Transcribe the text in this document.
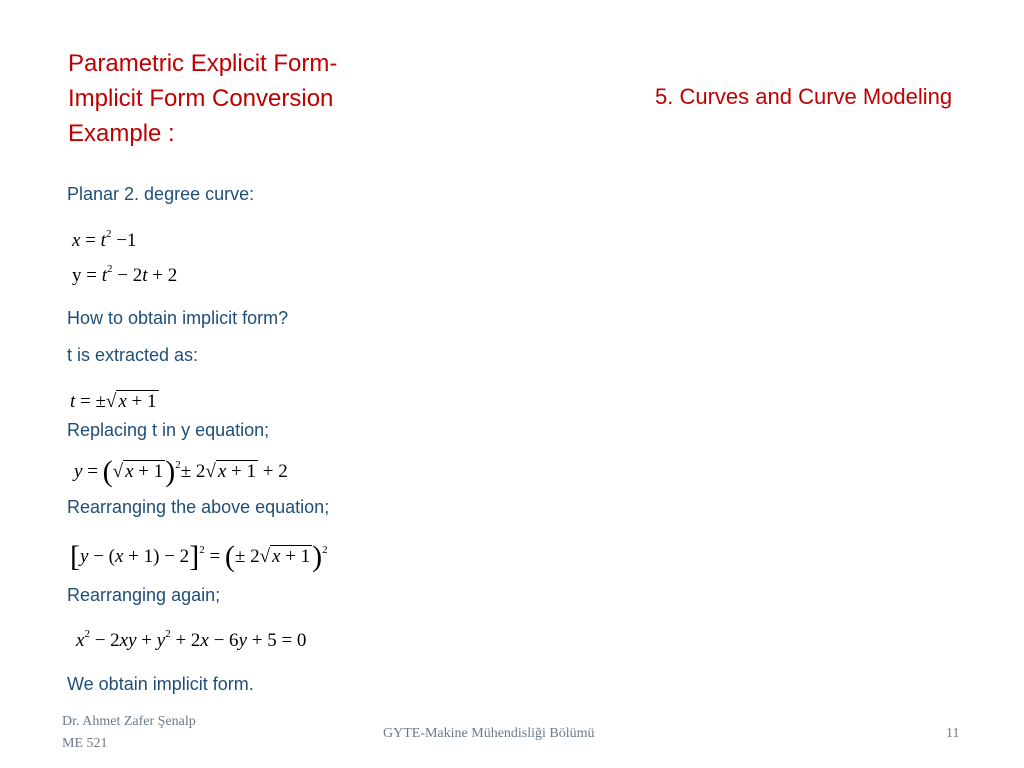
Parametric Explicit Form-
Implicit Form Conversion
Example :
5. Curves and Curve Modeling
Planar 2. degree curve:
$x = t^2 -1$
$y = t^2 - 2t + 2$
How to obtain implicit form?
t is extracted as:
t = ±√ x + 1
Replacing t in y equation;
y = (√ x + 1)$^2$± 2√ x + 1 + 2
Rearranging the above equation;
$[y - (x + 1) - 2]^2$ = (± 2√ x + 1)$^2$
Rearranging again;
$x^2 - 2xy + y^2 + 2x - 6y + 5 = 0$
We obtain implicit form.
Dr. Ahmet Zafer Şenalp
ME 521
GYTE-Makine Mühendisliği Bölümü	11
